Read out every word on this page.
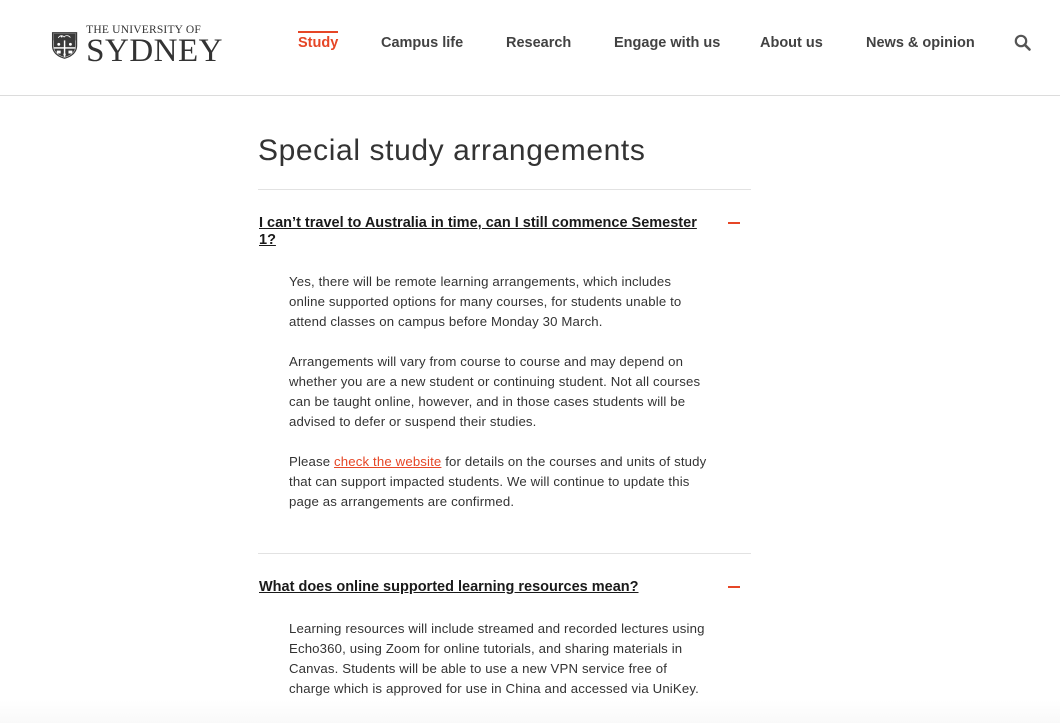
THE UNIVERSITY OF
SYDNEY	Study	Campus life	Research	Engage with us	About us	News & opinion
Special study arrangements
I can’t travel to Australia in time, can I still commence Semester 1?

Yes, there will be remote learning arrangements, which includes online supported options for many courses, for students unable to attend classes on campus before Monday 30 March.

Arrangements will vary from course to course and may depend on whether you are a new student or continuing student. Not all courses can be taught online, however, and in those cases students will be advised to defer or suspend their studies.

Please check the website for details on the courses and units of study that can support impacted students. We will continue to update this page as arrangements are confirmed.

What does online supported learning resources mean?

Learning resources will include streamed and recorded lectures using Echo360, using Zoom for online tutorials, and sharing materials in Canvas. Students will be able to use a new VPN service free of charge which is approved for use in China and accessed via UniKey.
